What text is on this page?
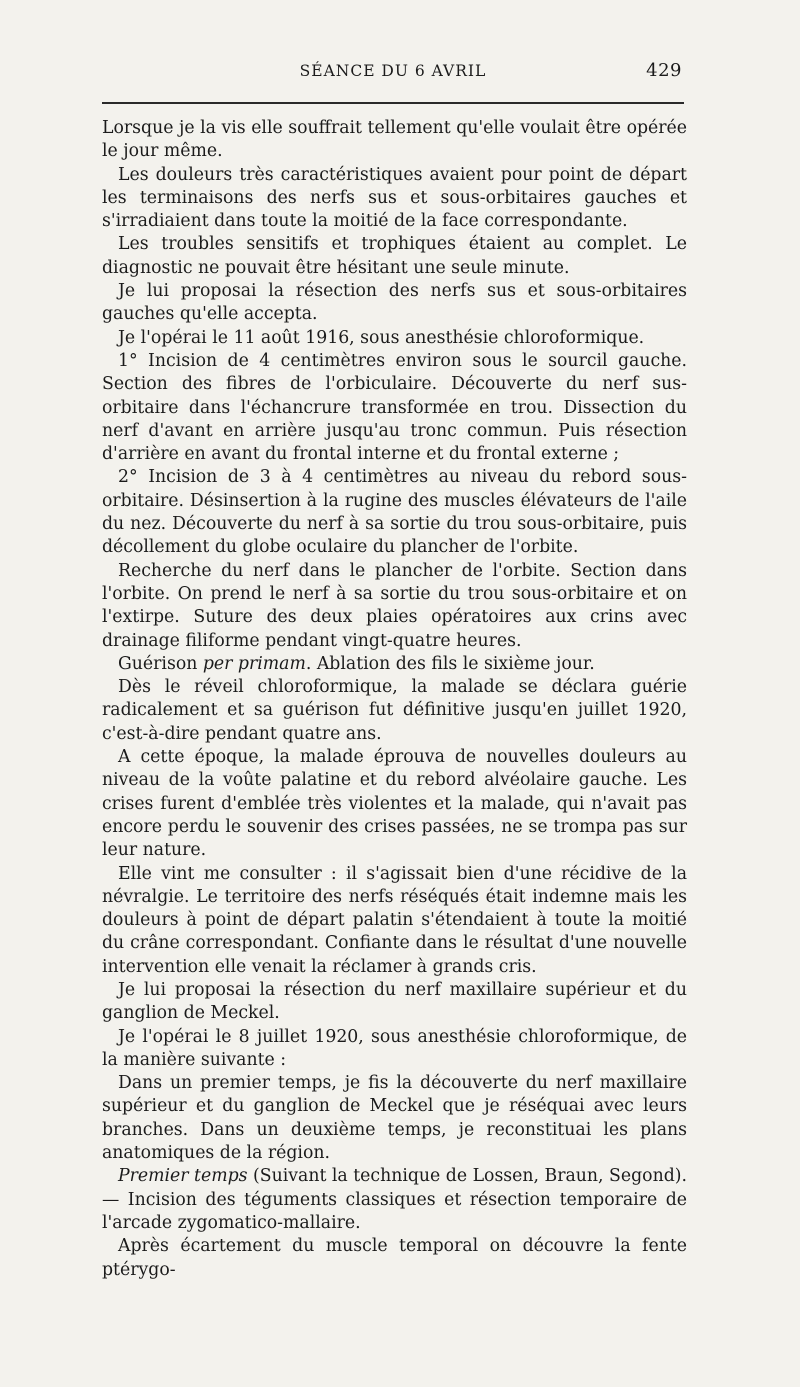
SÉANCE DU 6 AVRIL	429

Lorsque je la vis elle souffrait tellement qu'elle voulait être opérée le jour même.

Les douleurs très caractéristiques avaient pour point de départ les terminaisons des nerfs sus et sous-orbitaires gauches et s'irradiaient dans toute la moitié de la face correspondante.

Les troubles sensitifs et trophiques étaient au complet. Le diagnostic ne pouvait être hésitant une seule minute.

Je lui proposai la résection des nerfs sus et sous-orbitaires gauches qu'elle accepta.

Je l'opérai le 11 août 1916, sous anesthésie chloroformique.

1° Incision de 4 centimètres environ sous le sourcil gauche. Section des fibres de l'orbiculaire. Découverte du nerf sus-orbitaire dans l'échancrure transformée en trou. Dissection du nerf d'avant en arrière jusqu'au tronc commun. Puis résection d'arrière en avant du frontal interne et du frontal externe ;

2° Incision de 3 à 4 centimètres au niveau du rebord sous-orbitaire. Désinsertion à la rugine des muscles élévateurs de l'aile du nez. Découverte du nerf à sa sortie du trou sous-orbitaire, puis décollement du globe oculaire du plancher de l'orbite.

Recherche du nerf dans le plancher de l'orbite. Section dans l'orbite. On prend le nerf à sa sortie du trou sous-orbitaire et on l'extirpe. Suture des deux plaies opératoires aux crins avec drainage filiforme pendant vingt-quatre heures.

Guérison per primam. Ablation des fils le sixième jour.

Dès le réveil chloroformique, la malade se déclara guérie radicalement et sa guérison fut définitive jusqu'en juillet 1920, c'est-à-dire pendant quatre ans.

A cette époque, la malade éprouva de nouvelles douleurs au niveau de la voûte palatine et du rebord alvéolaire gauche. Les crises furent d'emblée très violentes et la malade, qui n'avait pas encore perdu le souvenir des crises passées, ne se trompa pas sur leur nature.

Elle vint me consulter : il s'agissait bien d'une récidive de la névralgie. Le territoire des nerfs réséqués était indemne mais les douleurs à point de départ palatin s'étendaient à toute la moitié du crâne correspondant. Confiante dans le résultat d'une nouvelle intervention elle venait la réclamer à grands cris.

Je lui proposai la résection du nerf maxillaire supérieur et du ganglion de Meckel.

Je l'opérai le 8 juillet 1920, sous anesthésie chloroformique, de la manière suivante :

Dans un premier temps, je fis la découverte du nerf maxillaire supérieur et du ganglion de Meckel que je réséquai avec leurs branches. Dans un deuxième temps, je reconstituai les plans anatomiques de la région.

Premier temps (Suivant la technique de Lossen, Braun, Segond). — Incision des téguments classiques et résection temporaire de l'arcade zygomatico-mallaire.

Après écartement du muscle temporal on découvre la fente ptérygo-
